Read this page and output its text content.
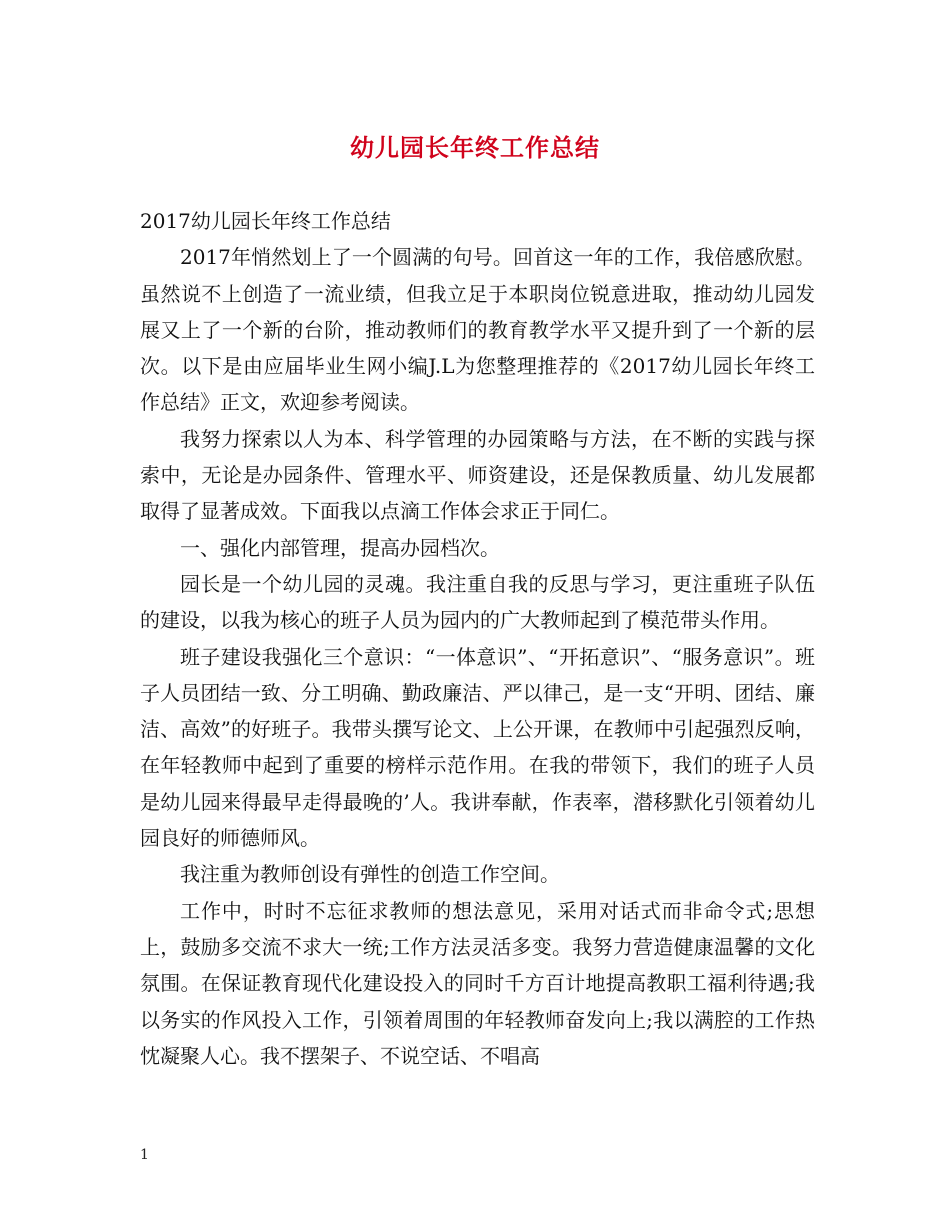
幼儿园长年终工作总结

2017幼儿园长年终工作总结

2017年悄然划上了一个圆满的句号。回首这一年的工作，我倍感欣慰。虽然说不上创造了一流业绩，但我立足于本职岗位锐意进取，推动幼儿园发展又上了一个新的台阶，推动教师们的教育教学水平又提升到了一个新的层次。以下是由应届毕业生网小编J.L为您整理推荐的《2017幼儿园长年终工作总结》正文，欢迎参考阅读。

我努力探索以人为本、科学管理的办园策略与方法，在不断的实践与探索中，无论是办园条件、管理水平、师资建设，还是保教质量、幼儿发展都取得了显著成效。下面我以点滴工作体会求正于同仁。

一、强化内部管理，提高办园档次。

园长是一个幼儿园的灵魂。我注重自我的反思与学习，更注重班子队伍的建设，以我为核心的班子人员为园内的广大教师起到了模范带头作用。

班子建设我强化三个意识：“一体意识”、“开拓意识”、“服务意识”。班子人员团结一致、分工明确、勤政廉洁、严以律己，是一支“开明、团结、廉洁、高效”的好班子。我带头撰写论文、上公开课，在教师中引起强烈反响，在年轻教师中起到了重要的榜样示范作用。在我的带领下，我们的班子人员是幼儿园来得最早走得最晚的’人。我讲奉献，作表率，潜移默化引领着幼儿园良好的师德师风。

我注重为教师创设有弹性的创造工作空间。

工作中，时时不忘征求教师的想法意见，采用对话式而非命令式;思想上，鼓励多交流不求大一统;工作方法灵活多变。我努力营造健康温馨的文化氛围。在保证教育现代化建设投入的同时千方百计地提高教职工福利待遇;我以务实的作风投入工作，引领着周围的年轻教师奋发向上;我以满腔的工作热忱凝聚人心。我不摆架子、不说空话、不唱高

1
